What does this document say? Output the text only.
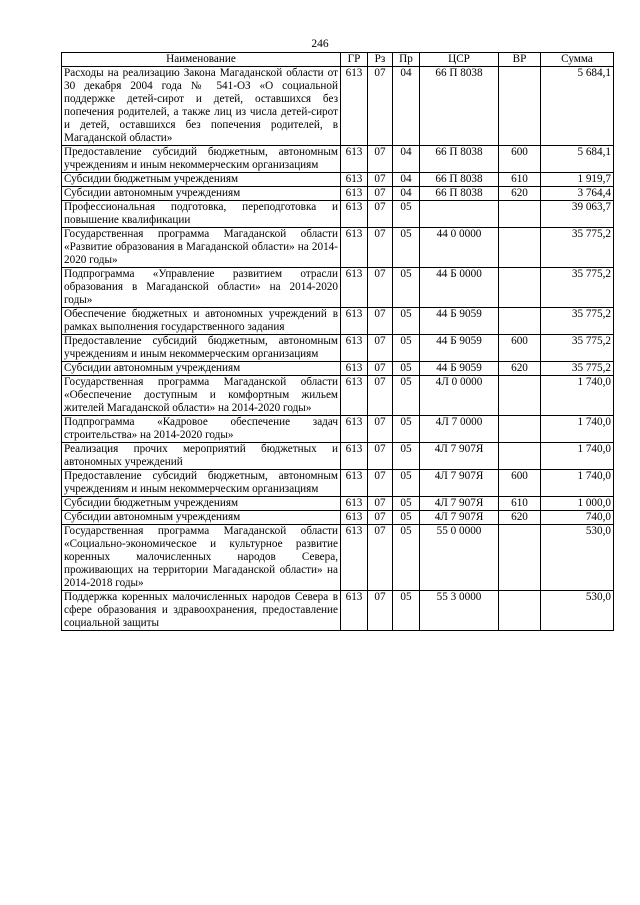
246
Наименование	ГР	Рз	Пр	ЦСР	ВР	Сумма
Расходы на реализацию Закона Магаданской области от 30 декабря 2004 года № 541-ОЗ «О социальной поддержке детей-сирот и детей, оставшихся без попечения родителей, а также лиц из числа детей-сирот и детей, оставшихся без попечения родителей, в Магаданской области»	613	07	04	66 П 8038		5 684,1
Предоставление субсидий бюджетным, автономным учреждениям и иным некоммерческим организациям	613	07	04	66 П 8038	600	5 684,1
Субсидии бюджетным учреждениям	613	07	04	66 П 8038	610	1 919,7
Субсидии автономным учреждениям	613	07	04	66 П 8038	620	3 764,4
Профессиональная подготовка, переподготовка и повышение квалификации	613	07	05			39 063,7
Государственная программа Магаданской области «Развитие образования в Магаданской области» на 2014-2020 годы»	613	07	05	44 0 0000		35 775,2
Подпрограмма «Управление развитием отрасли образования в Магаданской области» на 2014-2020 годы»	613	07	05	44 Б 0000		35 775,2
Обеспечение бюджетных и автономных учреждений в рамках выполнения государственного задания	613	07	05	44 Б 9059		35 775,2
Предоставление субсидий бюджетным, автономным учреждениям и иным некоммерческим организациям	613	07	05	44 Б 9059	600	35 775,2
Субсидии автономным учреждениям	613	07	05	44 Б 9059	620	35 775,2
Государственная программа Магаданской области «Обеспечение доступным и комфортным жильем жителей Магаданской области» на 2014-2020 годы»	613	07	05	4Л 0 0000		1 740,0
Подпрограмма «Кадровое обеспечение задач строительства» на 2014-2020 годы»	613	07	05	4Л 7 0000		1 740,0
Реализация прочих мероприятий бюджетных и автономных учреждений	613	07	05	4Л 7 907Я		1 740,0
Предоставление субсидий бюджетным, автономным учреждениям и иным некоммерческим организациям	613	07	05	4Л 7 907Я	600	1 740,0
Субсидии бюджетным учреждениям	613	07	05	4Л 7 907Я	610	1 000,0
Субсидии автономным учреждениям	613	07	05	4Л 7 907Я	620	740,0
Государственная программа Магаданской области «Социально-экономическое и культурное развитие коренных малочисленных народов Севера, проживающих на территории Магаданской области» на 2014-2018 годы»	613	07	05	55 0 0000		530,0
Поддержка коренных малочисленных народов Севера в сфере образования и здравоохранения, предоставление социальной защиты	613	07	05	55 3 0000		530,0
